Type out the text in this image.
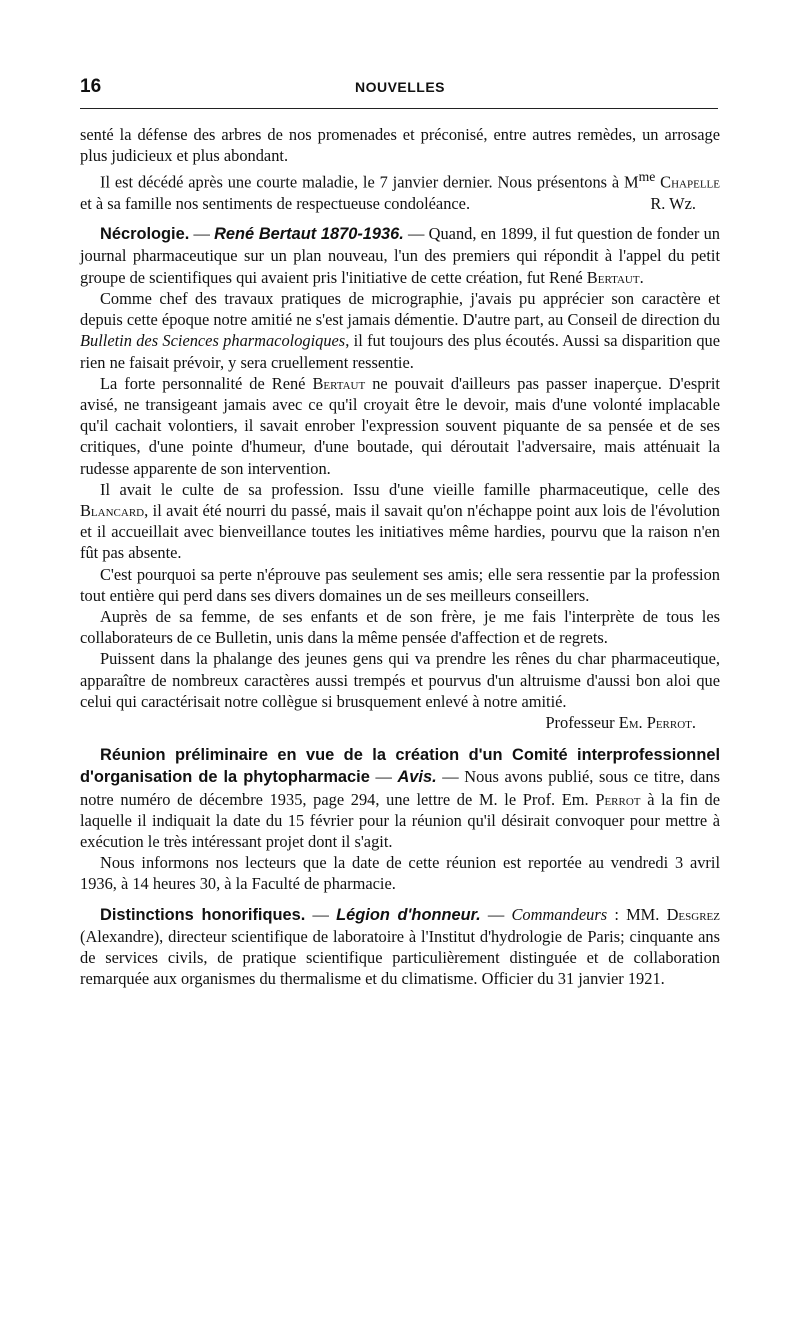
16	NOUVELLES

senté la défense des arbres de nos promenades et préconisé, entre autres remèdes, un arrosage plus judicieux et plus abondant.

Il est décédé après une courte maladie, le 7 janvier dernier. Nous présentons à $M^{me}$ Chapelle et à sa famille nos sentiments de respectueuse condoléance.	R. Wz.

Nécrologie. — René Bertaut 1870-1936. — Quand, en 1899, il fut question de fonder un journal pharmaceutique sur un plan nouveau, l'un des premiers qui répondit à l'appel du petit groupe de scientifiques qui avaient pris l'initiative de cette création, fut René Bertaut.

Comme chef des travaux pratiques de micrographie, j'avais pu apprécier son caractère et depuis cette époque notre amitié ne s'est jamais démentie. D'autre part, au Conseil de direction du Bulletin des Sciences pharmacologiques, il fut toujours des plus écoutés. Aussi sa disparition que rien ne faisait prévoir, y sera cruellement ressentie.

La forte personnalité de René Bertaut ne pouvait d'ailleurs pas passer inaperçue. D'esprit avisé, ne transigeant jamais avec ce qu'il croyait être le devoir, mais d'une volonté implacable qu'il cachait volontiers, il savait enrober l'expression souvent piquante de sa pensée et de ses critiques, d'une pointe d'humeur, d'une boutade, qui déroutait l'adversaire, mais atténuait la rudesse apparente de son intervention.

Il avait le culte de sa profession. Issu d'une vieille famille pharmaceutique, celle des Blancard, il avait été nourri du passé, mais il savait qu'on n'échappe point aux lois de l'évolution et il accueillait avec bienveillance toutes les initiatives même hardies, pourvu que la raison n'en fût pas absente.

C'est pourquoi sa perte n'éprouve pas seulement ses amis; elle sera ressentie par la profession tout entière qui perd dans ses divers domaines un de ses meilleurs conseillers.

Auprès de sa femme, de ses enfants et de son frère, je me fais l'interprète de tous les collaborateurs de ce Bulletin, unis dans la même pensée d'affection et de regrets.

Puissent dans la phalange des jeunes gens qui va prendre les rênes du char pharmaceutique, apparaître de nombreux caractères aussi trempés et pourvus d'un altruisme d'aussi bon aloi que celui qui caractérisait notre collègue si brusquement enlevé à notre amitié.

Professeur Em. Perrot.

Réunion préliminaire en vue de la création d'un Comité interprofessionnel d'organisation de la phytopharmacie — Avis. — Nous avons publié, sous ce titre, dans notre numéro de décembre 1935, page 294, une lettre de M. le Prof. Em. Perrot à la fin de laquelle il indiquait la date du 15 février pour la réunion qu'il désirait convoquer pour mettre à exécution le très intéressant projet dont il s'agit.

Nous informons nos lecteurs que la date de cette réunion est reportée au vendredi 3 avril 1936, à 14 heures 30, à la Faculté de pharmacie.

Distinctions honorifiques. — Légion d'honneur. — Commandeurs : MM. Desgrez (Alexandre), directeur scientifique de laboratoire à l'Institut d'hydrologie de Paris; cinquante ans de services civils, de pratique scientifique particulièrement distinguée et de collaboration remarquée aux organismes du thermalisme et du climatisme. Officier du 31 janvier 1921.
